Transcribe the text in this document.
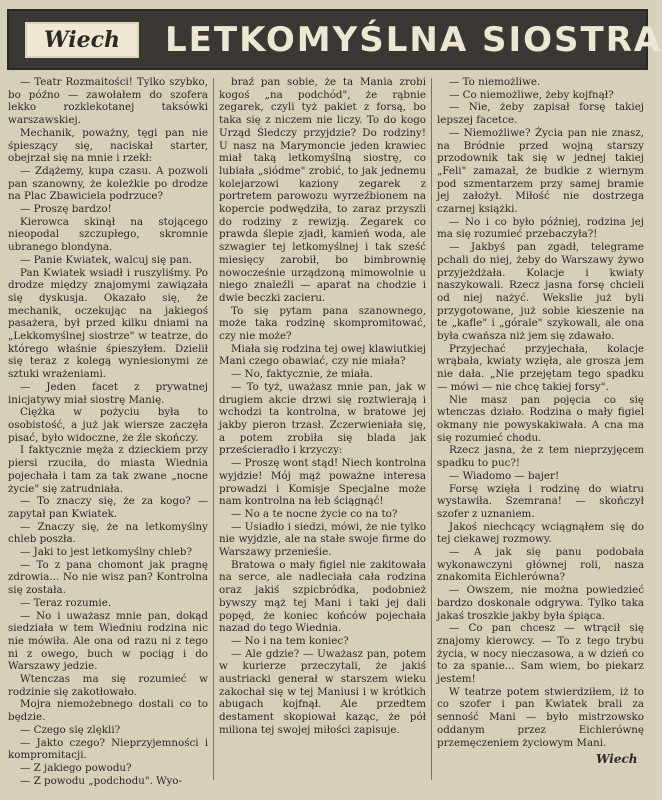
Wiech LETKOMYŚLNA SIOSTRA

— Teatr Rozmaitości! Tylko szybko, bo późno — zawołałem do szofera lekko rozklekotanej taksówki warszawskiej.

Mechanik, poważny, tęgi pan nie śpieszący się, naciskał starter, obejrzał się na mnie i rzekł:

— Zdążemy, kupa czasu. A pozwoli pan szanowny, że koleżkie po drodze na Plac Zbawiciela podrzuce?

— Proszę bardzo!

Kierowca skinął na stojącego nieopodal szczupłego, skromnie ubranego blondyna.

— Panie Kwiatek, walcuj się pan.

Pan Kwiatek wsiadł i ruszyliśmy. Po drodze między znajomymi zawiązała się dyskusja. Okazało się, że mechanik, oczekując na jakiegoś pasażera, był przed kilku dniami na „Lekkomyślnej siostrze" w teatrze, do którego właśnie śpieszyłem. Dzielił się teraz z kolegą wyniesionymi ze sztuki wrażeniami.

— Jeden facet z prywatnej inicjatywy miał siostrę Manię.

Ciężka w pożyciu była to osobistość, a już jak wiersze zaczęła pisać, było widoczne, że źle skończy.

I faktycznie męża z dzieckiem przy piersi rzuciła, do miasta Wiednia pojechała i tam za tak zwane „nocne życie" się zatrudniała.

— To znaczy się, że za kogo? — zapytał pan Kwiatek.

— Znaczy się, że na letkomyślny chleb poszła.

— Jaki to jest letkomyślny chleb?

— To z pana chomont jak pragnę zdrowia... No nie wisz pan? Kontrolna się została.

— Teraz rozumie.

— No i uważasz mnie pan, dokąd siedziała w tem Wiedniu rodzina nic nie mówiła. Ale ona od razu ni z tego ni z owego, buch w pociąg i do Warszawy jedzie.

Wtenczas ma się rozumieć w rodzinie się zakotłowało.

Mojra niemożebnego dostali co to będzie.

— Czego się zlękli?

— Jakto czego? Nieprzyjemności i kompromitacji.

— Z jakiego powodu?

— Z powodu „podchodu". Wyo-

braź pan sobie, że ta Mania zrobi kogoś „na podchód", że rąbnie zegarek, czyli tyż pakiet z forsą, bo taka się z niczem nie liczy. To do kogo Urząd Śledczy przyjdzie? Do rodziny! U nasz na Marymoncie jeden krawiec miał taką letkomyślną siostrę, co lubiała „siódme" zrobić, to jak jednemu kolejarzowi kaziony zegarek z portretem parowozu wyrzeźbionem na kopercie podwędziła, to zaraz przyszli do rodziny z rewizją. Zegarek co prawda ślepie zjadł, kamień woda, ale szwagier tej letkomyślnej i tak sześć miesięcy zarobił, bo bimbrownię nowocześnie urządzoną mimowolnie u niego znaleźli — aparat na chodzie i dwie beczki zacieru.

To się pytam pana szanownego, może taka rodzinę skompromitować, czy nie może?

Miała się rodzina tej owej klawiutkiej Mani czego obawiać, czy nie miała?

— No, faktycznie, że miała.

— To tyż, uważasz mnie pan, jak w drugiem akcie drzwi się roztwierają i wchodzi ta kontrolna, w bratowe jej jakby pieron trzasł. Zczerwieniała się, a potem zrobiła się blada jak prześcieradło i krzyczy:

— Proszę wont stąd! Niech kontrolna wyjdzie! Mój mąż poważne interesa prowadzi i Komisje Specjalne może nam kontrolna na łeb ściągnąć!

— No a te nocne życie co na to?

— Usiadło i siedzi, mówi, że nie tylko nie wyjdzie, ale na stałe swoje firme do Warszawy przenieśie.

Bratowa o mały figiel nie zakitowała na serce, ale nadleciała cała rodzina oraz jakiś szpicbródka, podobnież bywszy mąż tej Mani i taki jej dali popęd, że koniec końców pojechała nazad do tego Wiednia.

— No i na tem koniec?

— Ale gdzie? — Uważasz pan, potem w kurierze przeczytali, że jakiś austriacki generał w starszem wieku zakochał się w tej Maniusi i w krótkich abugach kojfnął. Ale przedtem destament skopiował kaząc, że pół miliona tej swojej miłości zapisuje.

— To niemożliwe.

— Co niemożliwe, żeby kojfnął?

— Nie, żeby zapisał forsę takiej lepszej facetce.

— Niemożliwe? Życia pan nie znasz, na Bródnie przed wojną starszy przodownik tak się w jednej takiej „Feli" zamazał, że budkie z wiernym pod szmentarzem przy samej bramie jej założył. Miłość nie dostrzega czarnej książki.

— No i co było później, rodzina jej ma się rozumieć przebaczyła?!

— Jakbyś pan zgadł, telegrame pchali do niej, żeby do Warszawy żywo przyjeżdżała. Kolacje i kwiaty naszykowali. Rzecz jasna forsę chcieli od niej nażyć. Wekslie już byli przygotowane, już sobie kieszenie na te „kafle" i „górale" szykowali, ale ona była cwańsza niż jem się zdawało.

Przyjechać przyjechała, kolacje wrąbała, kwiaty wzięła, ale grosza jem nie dała. „Nie przejętam tego spadku — mówi — nie chcę takiej forsy".

Nie masz pan pojęcia co się wtenczas działo. Rodzina o mały figiel okmany nie powyskakiwała. A cna ma się rozumieć chodu.

Rzecz jasna, że z tem nieprzyjęcem spadku to puc?!

— Wiadomo — bajer!

Forsę wzięła i rodzinę do wiatru wystawiła. Szemrana! — skończył szofer z uznaniem.

Jakoś niechcący wciągnąłem się do tej ciekawej rozmowy.

— A jak się panu podobała wykonawczyni głównej roli, nasza znakomita Eichlerówna?

— Owszem, nie można powiedzieć bardzo doskonale odgrywa. Tylko taka jakaś troszkie jakby była śpiąca.

— Co pan chcesz — wtrącił się znajomy kierowcy. — To z tego trybu życia, w nocy nieczasowa, a w dzień co to za spanie... Sam wiem, bo piekarz jestem!

W teatrze potem stwierdziłem, iż to co szofer i pan Kwiatek brali za senność Mani — było mistrzowsko oddanym przez Eichlerównę przemęczeniem życiowym Mani.

Wiech
